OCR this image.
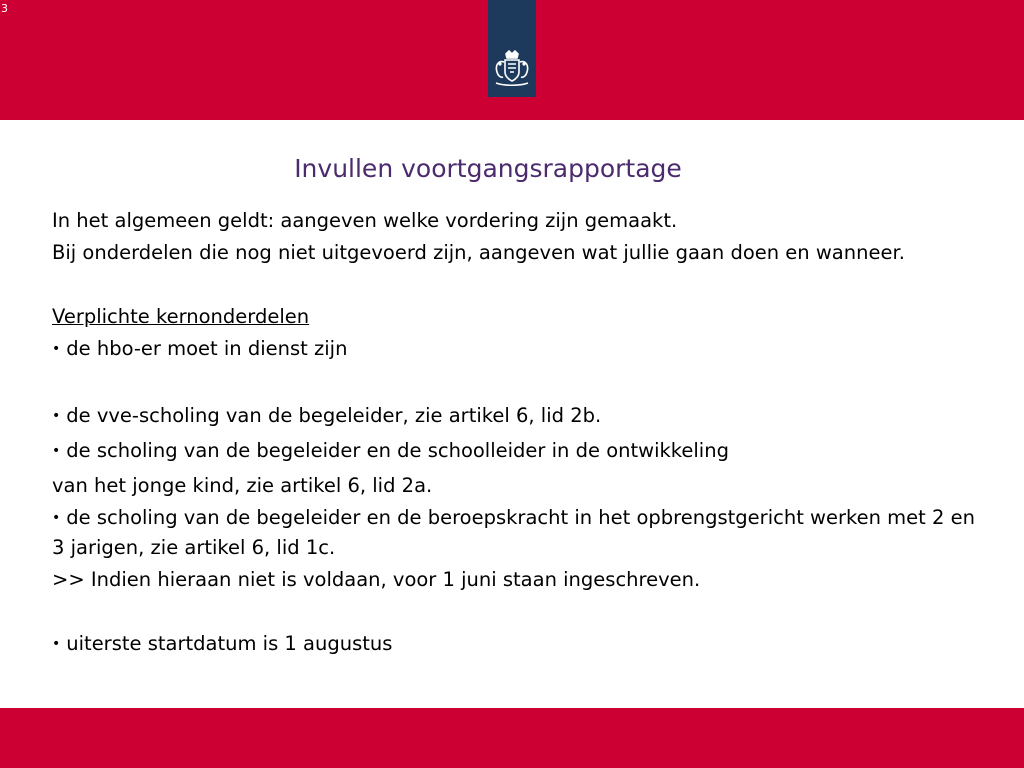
3
Invullen voortgangsrapportage

In het algemeen geldt: aangeven welke vordering zijn gemaakt.

Bij onderdelen die nog niet uitgevoerd zijn, aangeven wat jullie gaan doen en wanneer.

Verplichte kernonderdelen

• de hbo-er moet in dienst zijn

• de vve-scholing van de begeleider, zie artikel 6, lid 2b.

• de scholing van de begeleider en de schoolleider in de ontwikkeling

van het jonge kind, zie artikel 6, lid 2a.

• de scholing van de begeleider en de beroepskracht in het opbrengstgericht werken met 2 en 3 jarigen, zie artikel 6, lid 1c.

>> Indien hieraan niet is voldaan, voor 1 juni staan ingeschreven.

• uiterste startdatum is 1 augustus
